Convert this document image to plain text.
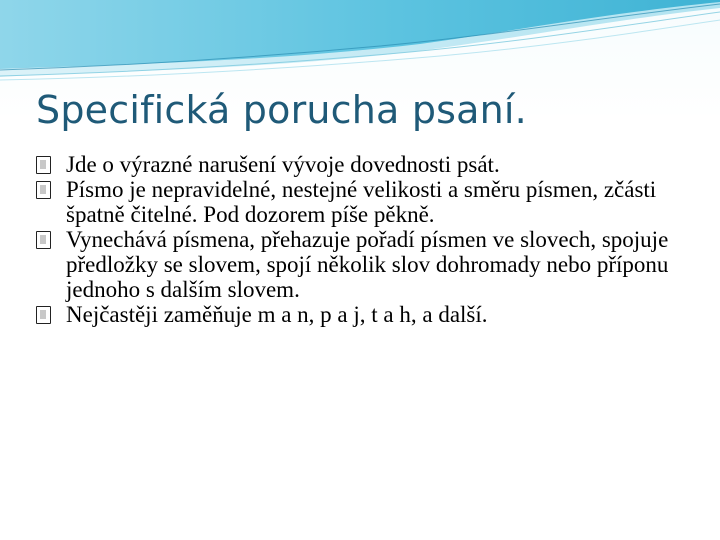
Specifická porucha psaní.
Jde o výrazné narušení vývoje dovednosti psát.
Písmo je nepravidelné, nestejné velikosti a směru písmen, zčásti špatně čitelné. Pod dozorem píše pěkně.
Vynechává písmena, přehazuje pořadí písmen ve slovech, spojuje předložky se slovem, spojí několik slov dohromady nebo příponu jednoho s dalším slovem.
Nejčastěji zaměňuje m a n, p a j, t a h, a další.
